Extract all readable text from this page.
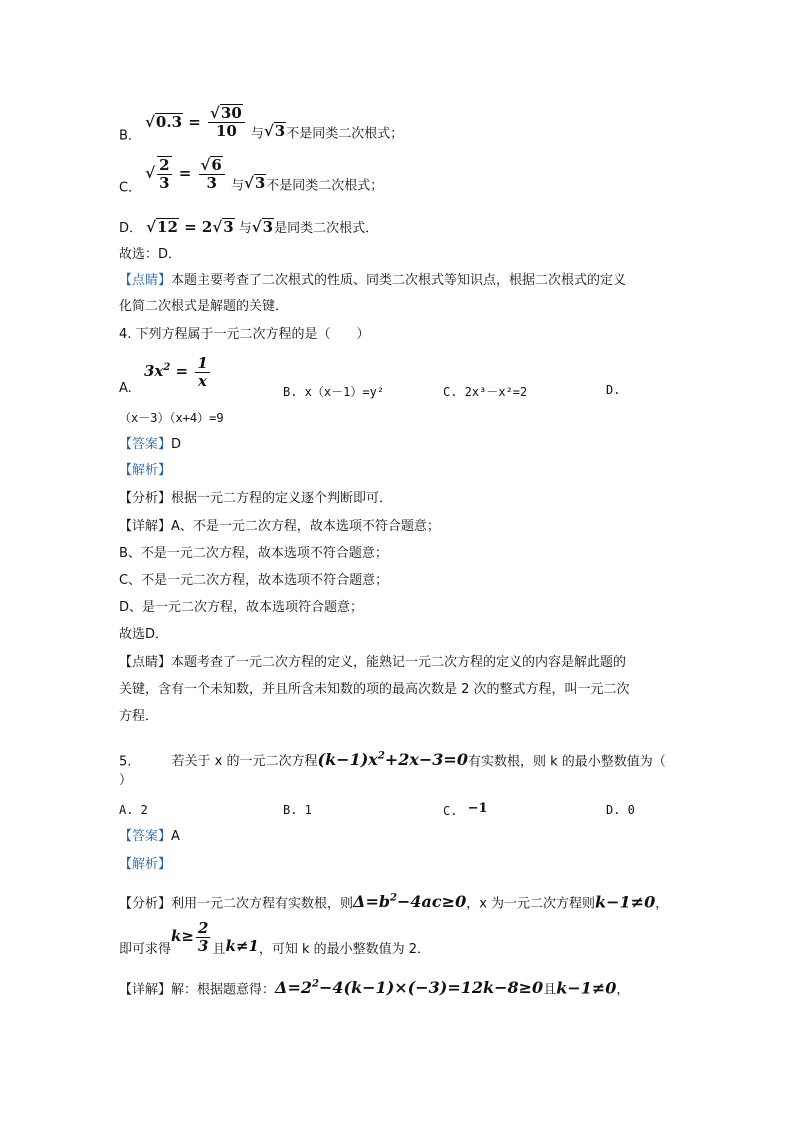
B． $√0.3 = \frac{√30}{10}$ 与√3不是同类二次根式；
C． √ $\frac{2}{3} = \frac{√6}{3}$ 与√3不是同类二次根式；
D． √12 = 2√3 与√3是同类二次根式．
故选：D．
【点睛】本题主要考查了二次根式的性质、同类二次根式等知识点，根据二次根式的定义
化简二次根式是解题的关键．
4. 下列方程属于一元二次方程的是（　　）
A. $3x^2 = \frac{1}{x}$
B. x（x－1）=y²	C. 2x³－x²=2	D.
（x－3）（x+4）=9
【答案】D
【解析】
【分析】根据一元二方程的定义逐个判断即可．
【详解】A、不是一元二次方程，故本选项不符合题意；
B、不是一元二次方程，故本选项不符合题意；
C、不是一元二次方程，故本选项不符合题意；
D、是一元二次方程，故本选项符合题意；
故选D．
【点睛】本题考查了一元二次方程的定义，能熟记一元二次方程的定义的内容是解此题的
关键，含有一个未知数，并且所含未知数的项的最高次数是 2 次的整式方程，叫一元二次
方程．
5.	若关于 x 的一元二次方程$(k-1)x^2+2x-3=0$有实数根，则 k 的最小整数值为（
）
A. 2	B. 1	C. −1	D. 0
【答案】A
【解析】
【分析】利用一元二次方程有实数根，则$\Delta=b^2-4ac\ge 0$，x 为一元二次方程则k−1≠0，
即可求得$k\ge \frac{2}{3}$ 且k≠1，可知 k 的最小整数值为 2．
【详解】解：根据题意得：$\Delta=2^2-4(k-1)\times(-3)=12k-8\ge 0$且k−1≠0，
